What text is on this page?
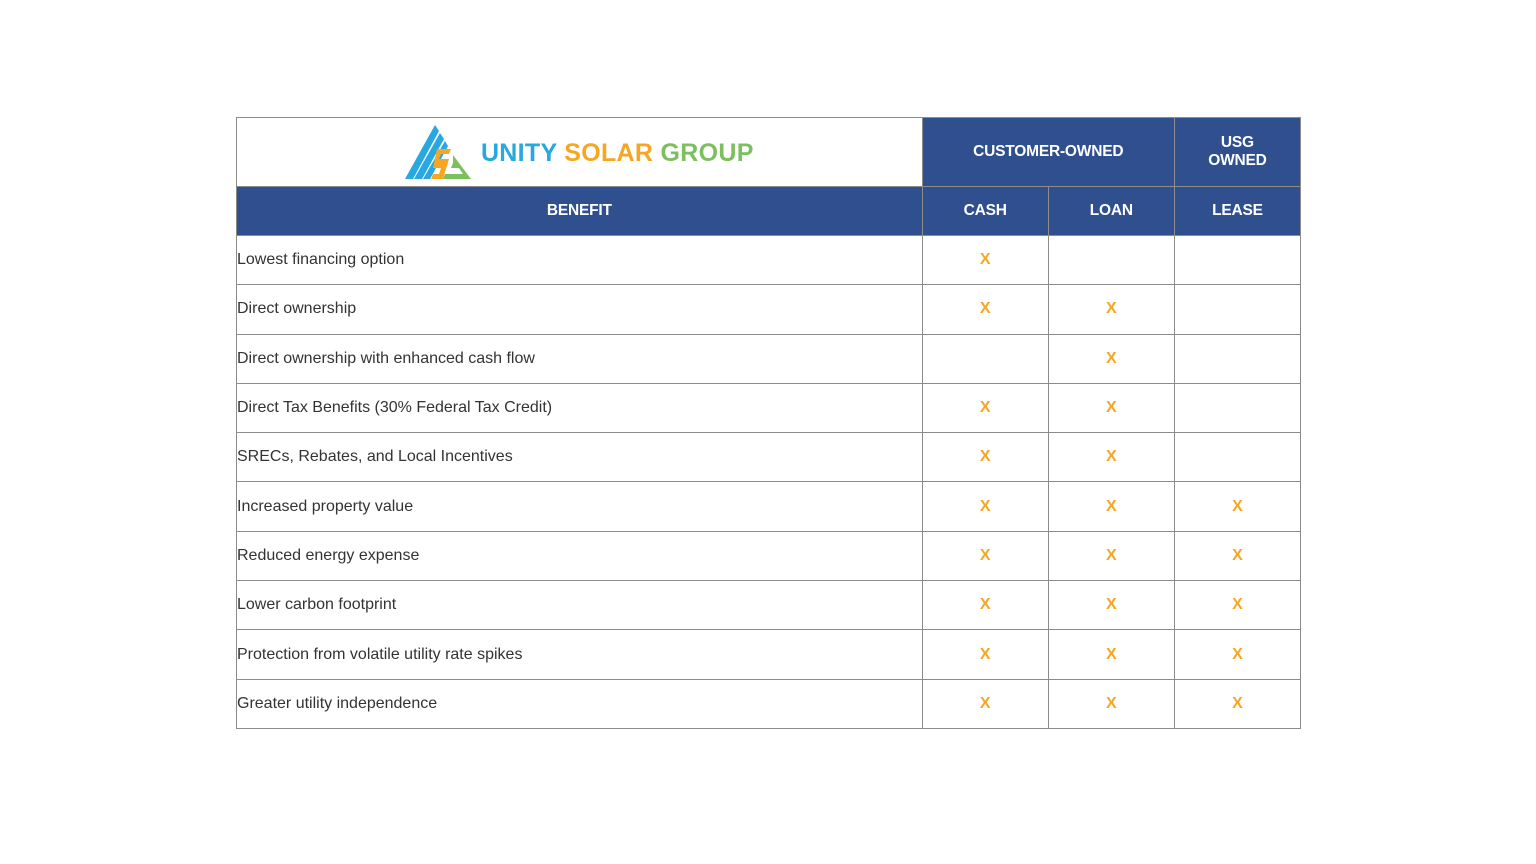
UNITY SOLAR GROUP	CUSTOMER-OWNED		USG
OWNED
BENEFIT	CASH	LOAN	LEASE
Lowest financing option	X		
Direct ownership	X	X	
Direct ownership with enhanced cash flow		X	
Direct Tax Benefits (30% Federal Tax Credit)	X	X	
SRECs, Rebates, and Local Incentives	X	X	
Increased property value	X	X	X
Reduced energy expense	X	X	X
Lower carbon footprint	X	X	X
Protection from volatile utility rate spikes	X	X	X
Greater utility independence	X	X	X
